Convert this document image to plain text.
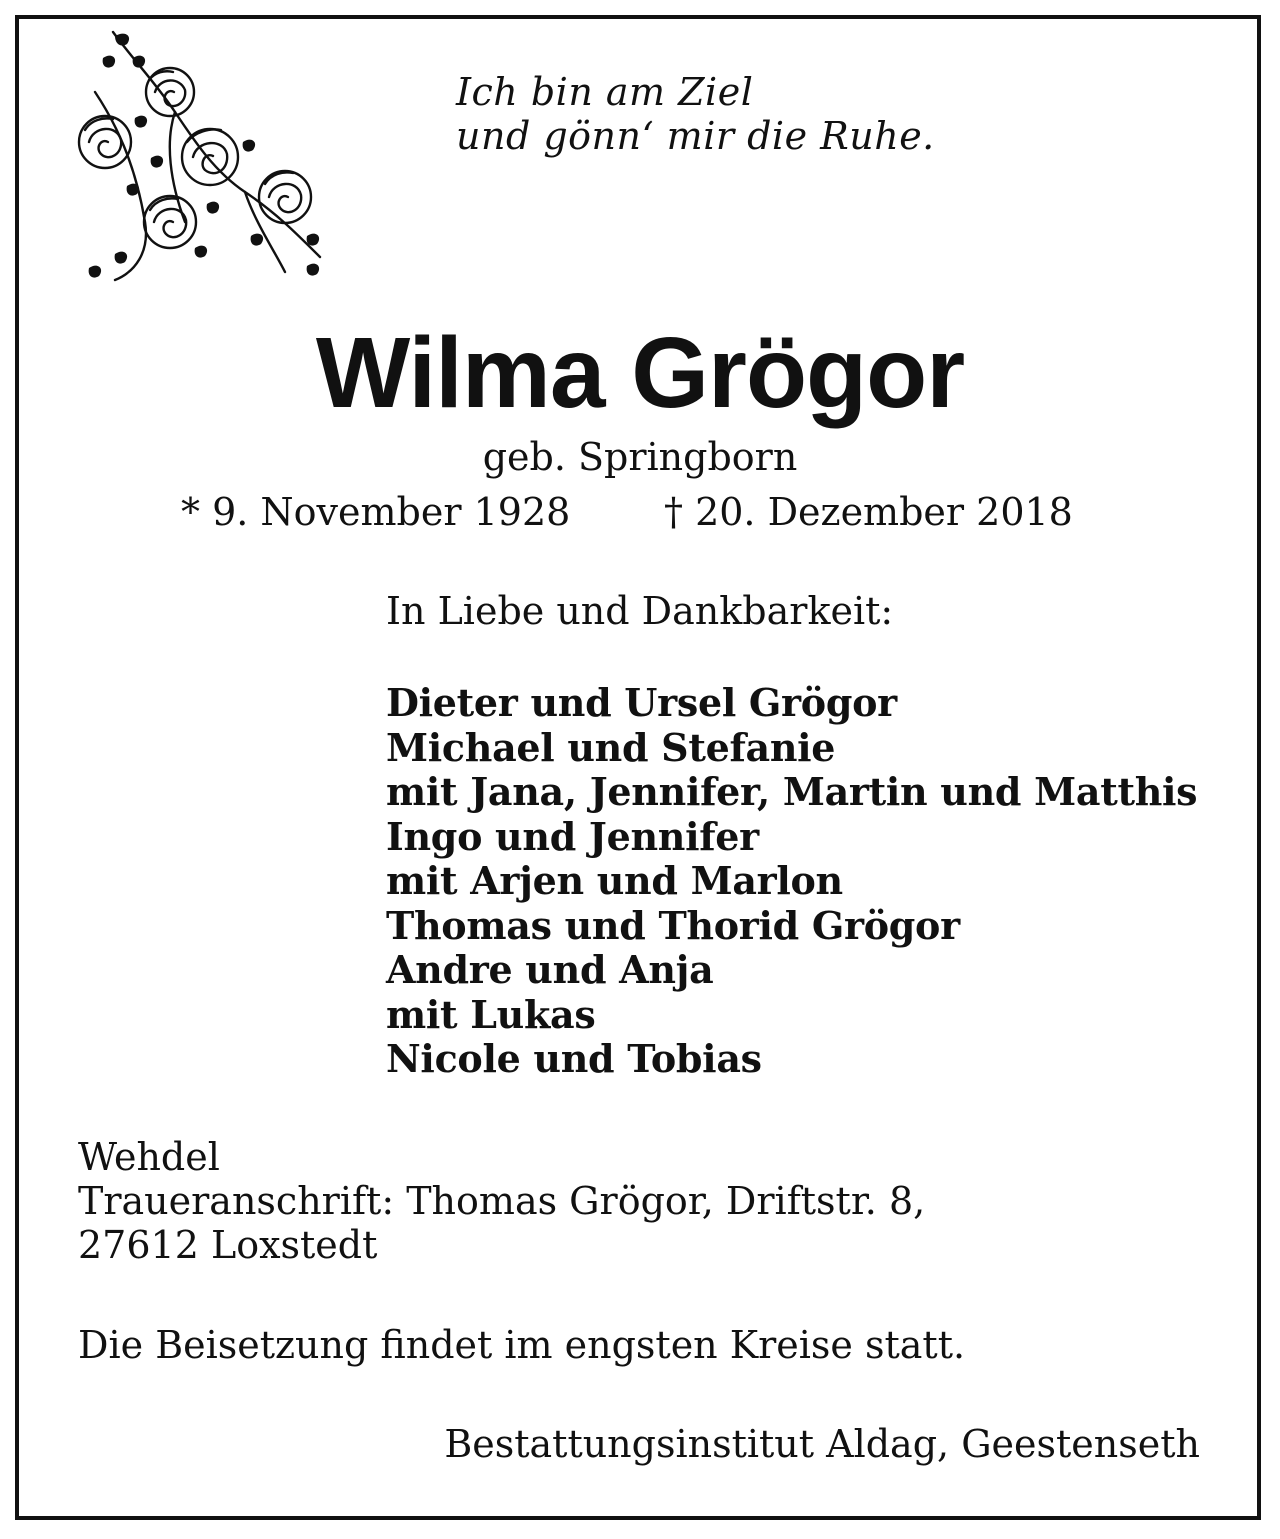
Ich bin am Ziel
und gönn‘ mir die Ruhe.
Wilma Grögor
geb. Springborn
* 9. November 1928 † 20. Dezember 2018
In Liebe und Dankbarkeit:
Dieter und Ursel Grögor
Michael und Stefanie
mit Jana, Jennifer, Martin und Matthis
Ingo und Jennifer
mit Arjen und Marlon
Thomas und Thorid Grögor
Andre und Anja
mit Lukas
Nicole und Tobias
Wehdel
Traueranschrift: Thomas Grögor, Driftstr. 8,
27612 Loxstedt
Die Beisetzung findet im engsten Kreise statt.
Bestattungsinstitut Aldag, Geestenseth
